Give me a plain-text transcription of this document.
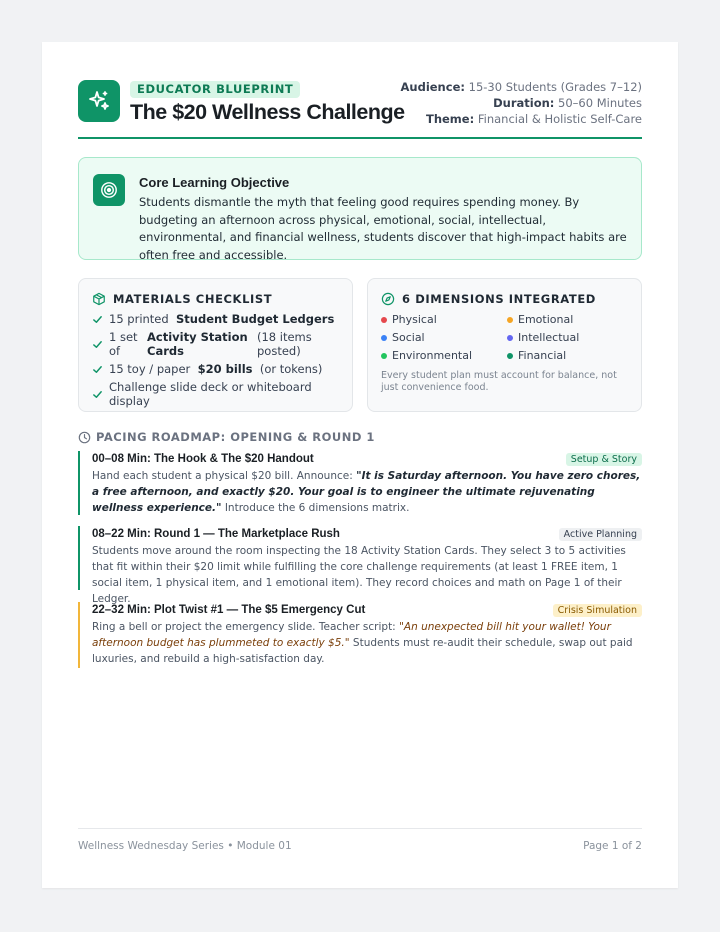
EDUCATOR BLUEPRINT
The $20 Wellness Challenge
Audience: 15-30 Students (Grades 7–12)
Duration: 50–60 Minutes
Theme: Financial & Holistic Self-Care
Core Learning Objective
Students dismantle the myth that feeling good requires spending money. By budgeting an afternoon across physical, emotional, social, intellectual, environmental, and financial wellness, students discover that high-impact habits are often free and accessible.
MATERIALS CHECKLIST
15 printed Student Budget Ledgers
1 set of
Activity Station Cards
(18 items posted)
15 toy / paper $20 bills (or tokens)
Challenge slide deck or whiteboard display
6 DIMENSIONS INTEGRATED
Physical	Emotional
Social	Intellectual
Environmental	Financial
Every student plan must account for balance, not just convenience food.
PACING ROADMAP: OPENING & ROUND 1
00–08 Min: The Hook & The $20 Handout	Setup & Story
Hand each student a physical $20 bill. Announce: "It is Saturday afternoon. You have zero chores, a free afternoon, and exactly $20. Your goal is to engineer the ultimate rejuvenating wellness experience." Introduce the 6 dimensions matrix.
08–22 Min: Round 1 — The Marketplace Rush	Active Planning
Students move around the room inspecting the 18 Activity Station Cards. They select 3 to 5 activities that fit within their $20 limit while fulfilling the core challenge requirements (at least 1 FREE item, 1 social item, 1 physical item, and 1 emotional item). They record choices and math on Page 1 of their Ledger.
22–32 Min: Plot Twist #1 — The $5 Emergency Cut	Crisis Simulation
Ring a bell or project the emergency slide. Teacher script: "An unexpected bill hit your wallet! Your afternoon budget has plummeted to exactly $5." Students must re-audit their schedule, swap out paid luxuries, and rebuild a high-satisfaction day.
Wellness Wednesday Series • Module 01	Page 1 of 2
